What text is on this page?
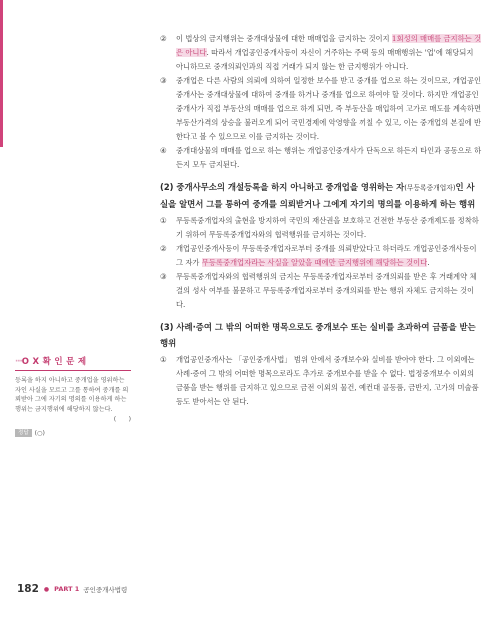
···O X 확 인 문 제
등록을 하지 아니하고 중개업을 영위하는 자인 사실을 모르고 그를 통하여 중개를 의뢰받아 그에 자기의 명의를 이용하게 하는 행위는 금지행위에 해당하지 않는다.
(　　)
정답 (○)
②	이 법상의 금지행위는 중개대상물에 대한 매매업을 금지하는 것이지 1회성의 매매를 금지하는 것은 아니다. 따라서 개업공인중개사등이 자신이 거주하는 주택 등의 매매행위는 '업'에 해당되지 아니하므로 중개의뢰인과의 직접 거래가 되지 않는 한 금지행위가 아니다.
③	중개업은 다른 사람의 의뢰에 의하여 일정한 보수를 받고 중개를 업으로 하는 것이므로, 개업공인중개사는 중개대상물에 대하여 중개를 하거나 중개를 업으로 하여야 할 것이다. 하지만 개업공인중개사가 직접 부동산의 매매를 업으로 하게 되면, 즉 부동산을 매입하여 고가로 매도를 계속하면 부동산가격의 상승을 불러오게 되어 국민경제에 악영향을 끼칠 수 있고, 이는 중개업의 본질에 반한다고 볼 수 있으므로 이를 금지하는 것이다.
④	중개대상물의 매매를 업으로 하는 행위는 개업공인중개사가 단독으로 하든지 타인과 공동으로 하든지 모두 금지된다.
(2) 중개사무소의 개설등록을 하지 아니하고 중개업을 영위하는 자(무등록중개업자)인 사실을 알면서 그를 통하여 중개를 의뢰받거나 그에게 자기의 명의를 이용하게 하는 행위
①	무등록중개업자의 출현을 방지하여 국민의 재산권을 보호하고 건전한 부동산 중개제도를 정착하기 위하여 무등록중개업자와의 협력행위를 금지하는 것이다.
②	개업공인중개사등이 무등록중개업자로부터 중개를 의뢰받았다고 하더라도 개업공인중개사등이 그 자가 무등록중개업자라는 사실을 알았을 때에만 금지행위에 해당하는 것이다.
③	무등록중개업자와의 협력행위의 금지는 무등록중개업자로부터 중개의뢰를 받은 후 거래계약 체결의 성사 여부를 불문하고 무등록중개업자로부터 중개의뢰를 받는 행위 자체도 금지하는 것이다.
(3) 사례·증여 그 밖의 어떠한 명목으로도 중개보수 또는 실비를 초과하여 금품을 받는 행위
①	개업공인중개사는 「공인중개사법」 범위 안에서 중개보수와 실비를 받아야 한다. 그 이외에는 사례·증여 그 밖의 어떠한 명목으로라도 추가로 중개보수를 받을 수 없다. 법정중개보수 이외의 금품을 받는 행위를 금지하고 있으므로 금전 이외의 물건, 예컨대 골동품, 금반지, 고가의 미술품 등도 받아서는 안 된다.
182 ● PART 1 공인중개사법령
